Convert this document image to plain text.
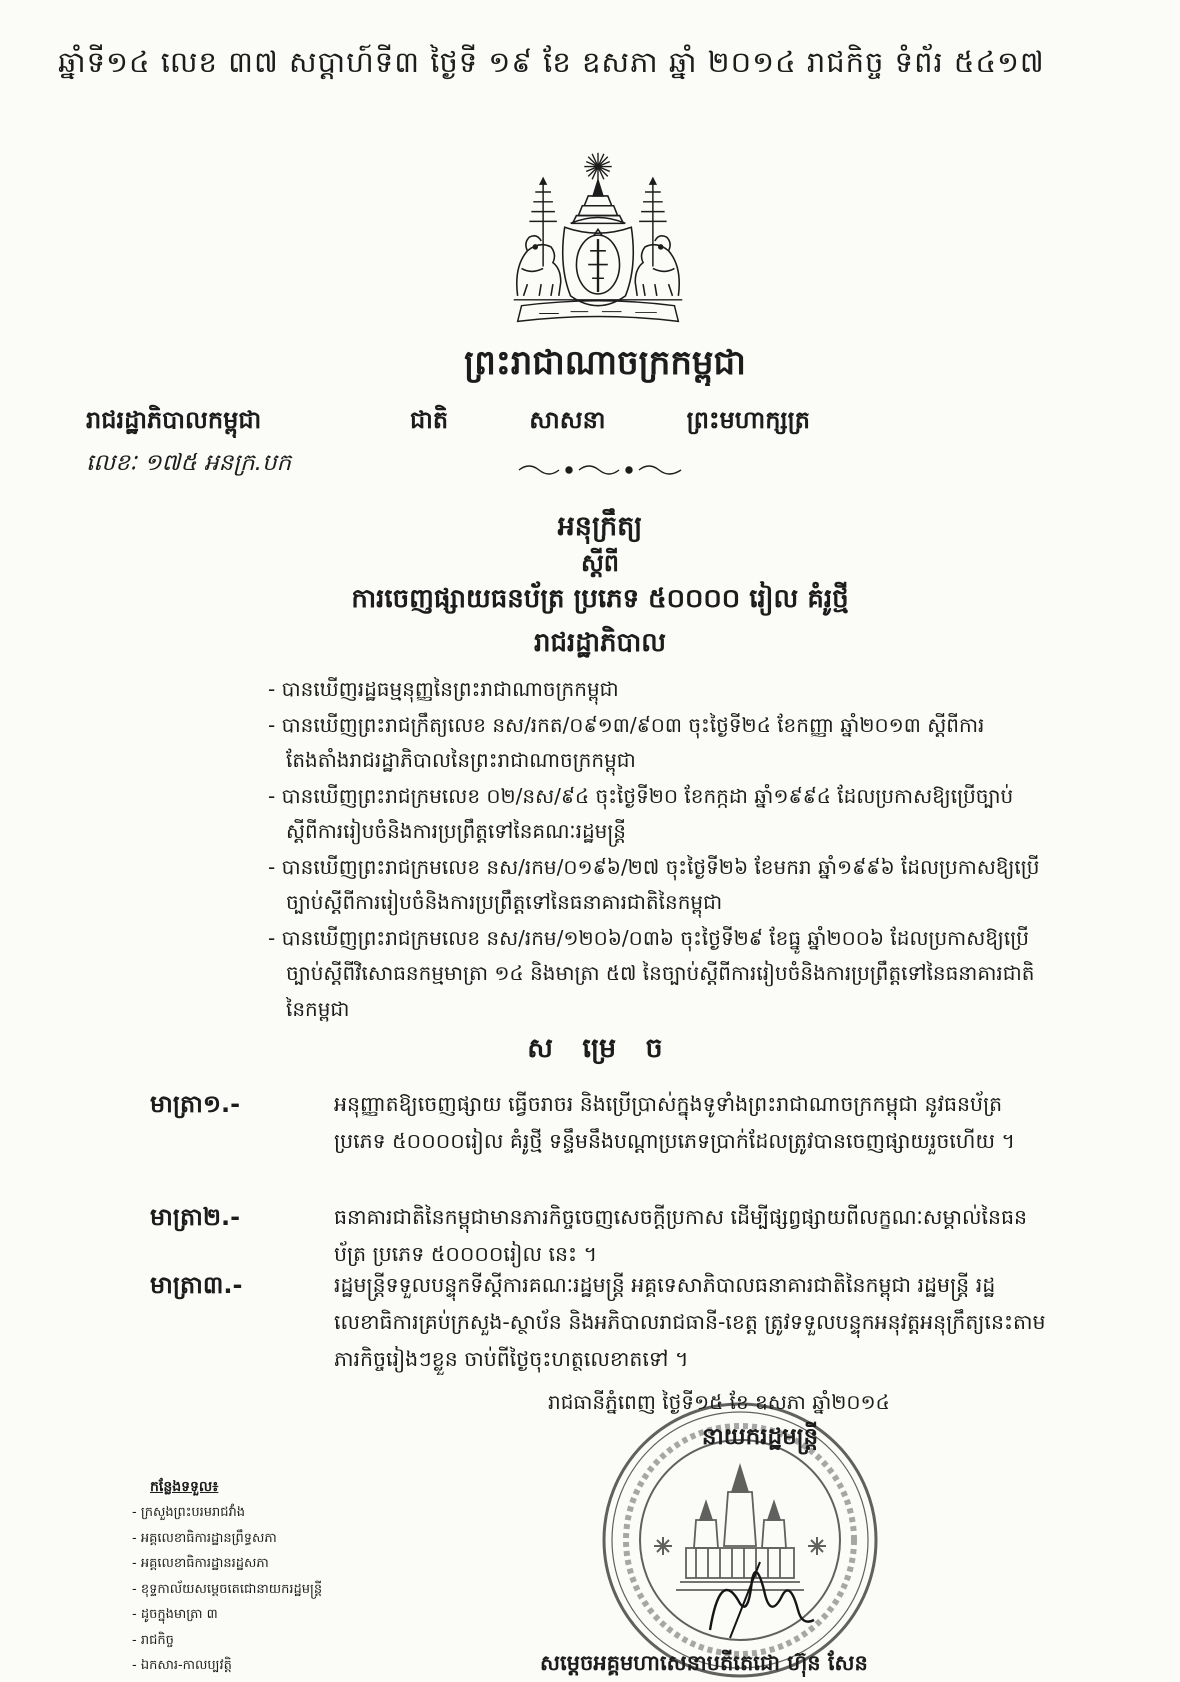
ឆ្នាំទី១៤ លេខ ៣៧ សប្តាហ៍ទី៣ ថ្ងៃទី ១៩ ខែ ឧសភា ឆ្នាំ ២០១៤ រាជកិច្ច ទំព័រ ៥៤១៧
ព្រះរាជាណាចក្រកម្ពុជា
រាជរដ្ឋាភិបាលកម្ពុជា	ជាតិ	សាសនា	ព្រះមហាក្សត្រ
លេខៈ ១៧៥ អនក្រ.បក
អនុក្រឹត្យ
ស្តីពី
ការចេញផ្សាយធនប័ត្រ ប្រភេទ ៥០០០០ រៀល គំរូថ្មី
រាជរដ្ឋាភិបាល
- បានឃើញរដ្ឋធម្មនុញ្ញនៃព្រះរាជាណាចក្រកម្ពុជា
- បានឃើញព្រះរាជក្រឹត្យលេខ នស/រកត/០៩១៣/៩០៣ ចុះថ្ងៃទី២៤ ខែកញ្ញា ឆ្នាំ២០១៣ ស្តីពីការតែងតាំងរាជរដ្ឋាភិបាលនៃព្រះរាជាណាចក្រកម្ពុជា
- បានឃើញព្រះរាជក្រមលេខ ០២/នស/៩៤ ចុះថ្ងៃទី២០ ខែកក្កដា ឆ្នាំ១៩៩៤ ដែលប្រកាសឱ្យប្រើច្បាប់ស្តីពីការរៀបចំនិងការប្រព្រឹត្តទៅនៃគណៈរដ្ឋមន្ត្រី
- បានឃើញព្រះរាជក្រមលេខ នស/រកម/០១៩៦/២៧ ចុះថ្ងៃទី២៦ ខែមករា ឆ្នាំ១៩៩៦ ដែលប្រកាសឱ្យប្រើច្បាប់ស្តីពីការរៀបចំនិងការប្រព្រឹត្តទៅនៃធនាគារជាតិនៃកម្ពុជា
- បានឃើញព្រះរាជក្រមលេខ នស/រកម/១២០៦/០៣៦ ចុះថ្ងៃទី២៩ ខែធ្នូ ឆ្នាំ២០០៦ ដែលប្រកាសឱ្យប្រើច្បាប់ស្តីពីវិសោធនកម្មមាត្រា ១៤ និងមាត្រា ៥៧ នៃច្បាប់ស្តីពីការរៀបចំនិងការប្រព្រឹត្តទៅនៃធនាគារជាតិនៃកម្ពុជា
ស ម្រេ ច
មាត្រា១.-	អនុញ្ញាតឱ្យចេញផ្សាយ ធ្វើចរាចរ និងប្រើប្រាស់ក្នុងទូទាំងព្រះរាជាណាចក្រកម្ពុជា នូវធនប័ត្រ ប្រភេទ ៥០០០០រៀល គំរូថ្មី ទន្ទឹមនឹងបណ្តាប្រភេទប្រាក់ដែលត្រូវបានចេញផ្សាយរួចហើយ ។
មាត្រា២.-	ធនាគារជាតិនៃកម្ពុជាមានភារកិច្ចចេញសេចក្តីប្រកាស ដើម្បីផ្សព្វផ្សាយពីលក្ខណៈសម្គាល់នៃធនប័ត្រ ប្រភេទ ៥០០០០រៀល នេះ ។
មាត្រា៣.-	រដ្ឋមន្ត្រីទទួលបន្ទុកទីស្តីការគណៈរដ្ឋមន្ត្រី អគ្គទេសាភិបាលធនាគារជាតិនៃកម្ពុជា រដ្ឋមន្ត្រី រដ្ឋលេខាធិការគ្រប់ក្រសួង-ស្ថាប័ន និងអភិបាលរាជធានី-ខេត្ត ត្រូវទទួលបន្ទុកអនុវត្តអនុក្រឹត្យនេះតាមភារកិច្ចរៀងៗខ្លួន ចាប់ពីថ្ងៃចុះហត្ថលេខាតទៅ ។
រាជធានីភ្នំពេញ ថ្ងៃទី១៥ ខែ ឧសភា ឆ្នាំ២០១៤
នាយករដ្ឋមន្ត្រី
សម្តេចអគ្គមហាសេនាបតីតេជោ ហ៊ុន សែន
កន្លែងទទួល៖
- ក្រសួងព្រះបរមរាជវាំង
- អគ្គលេខាធិការដ្ឋានព្រឹទ្ធសភា
- អគ្គលេខាធិការដ្ឋានរដ្ឋសភា
- ខុទ្ទកាល័យសម្តេចតេជោនាយករដ្ឋមន្ត្រី
- ដូចក្នុងមាត្រា ៣
- រាជកិច្ច
- ឯកសារ-កាលប្បវត្តិ
